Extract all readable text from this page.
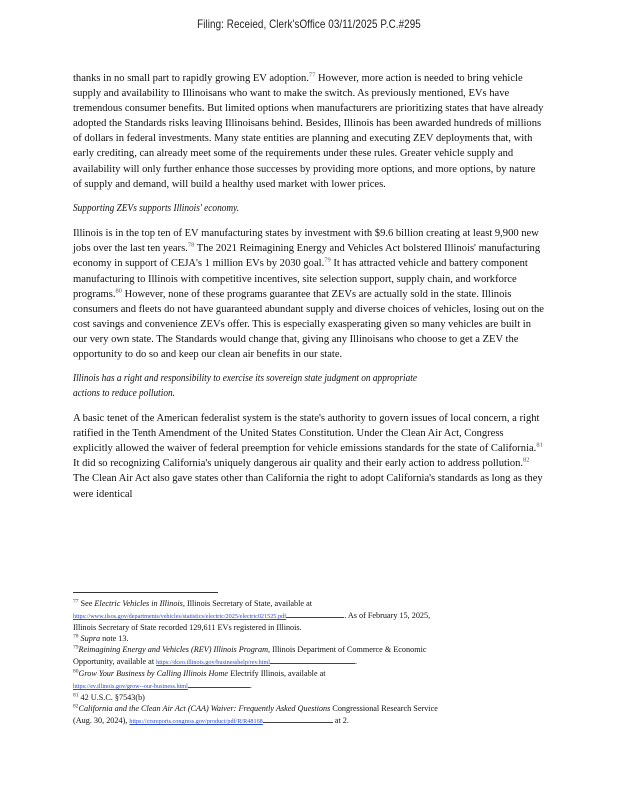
Filing: Receied, Clerk'sOffice 03/11/2025 P.C.#295

thanks in no small part to rapidly growing EV adoption.$^{77}$ However, more action is needed to bring vehicle supply and availability to Illinoisans who want to make the switch. As previously mentioned, EVs have tremendous consumer benefits. But limited options when manufacturers are prioritizing states that have already adopted the Standards risks leaving Illinoisans behind. Besides, Illinois has been awarded hundreds of millions of dollars in federal investments. Many state entities are planning and executing ZEV deployments that, with early crediting, can already meet some of the requirements under these rules. Greater vehicle supply and availability will only further enhance those successes by providing more options, and more options, by nature of supply and demand, will build a healthy used market with lower prices.

Supporting ZEVs supports Illinois' economy.

Illinois is in the top ten of EV manufacturing states by investment with $9.6 billion creating at least 9,900 new jobs over the last ten years.$^{78}$ The 2021 Reimagining Energy and Vehicles Act bolstered Illinois' manufacturing economy in support of CEJA's 1 million EVs by 2030 goal.$^{79}$ It has attracted vehicle and battery component manufacturing to Illinois with competitive incentives, site selection support, supply chain, and workforce programs.$^{80}$ However, none of these programs guarantee that ZEVs are actually sold in the state. Illinois consumers and fleets do not have guaranteed abundant supply and diverse choices of vehicles, losing out on the cost savings and convenience ZEVs offer. This is especially exasperating given so many vehicles are built in our very own state. The Standards would change that, giving any Illinoisans who choose to get a ZEV the opportunity to do so and keep our clean air benefits in our state.

Illinois has a right and responsibility to exercise its sovereign state judgment on appropriate
actions to reduce pollution.

A basic tenet of the American federalist system is the state's authority to govern issues of local concern, a right ratified in the Tenth Amendment of the United States Constitution. Under the Clean Air Act, Congress explicitly allowed the waiver of federal preemption for vehicle emissions standards for the state of California.$^{81}$ It did so recognizing California's uniquely dangerous air quality and their early action to address pollution.$^{82}$ The Clean Air Act also gave states other than California the right to adopt California's standards as long as they were identical

$^{77}$ See Electric Vehicles in Illinois, Illinois Secretary of State, available at
https://www.ilsos.gov/departments/vehicles/statistics/electric/2025/electric021525.pdf	. As of February 15, 2025,
Illinois Secretary of State recorded 129,611 EVs registered in Illinois.
$^{78}$ Supra note 13.
$^{79}$Reimagining Energy and Vehicles (REV) Illinois Program, Illinois Department of Commerce & Economic
Opportunity, available at https://dceo.illinois.gov/businesshelp/rev.html	.
$^{80}$Grow Your Business by Calling Illinois Home Electrify Illinois, available at
https://ev.illinois.gov/grow--our-business.html	.
$^{81}$ 42 U.S.C. §7543(b)
$^{82}$California and the Clean Air Act (CAA) Waiver: Frequently Asked Questions Congressional Research Service
(Aug. 30, 2024), https://crsreports.congress.gov/product/pdf/R/R48168	at 2.
